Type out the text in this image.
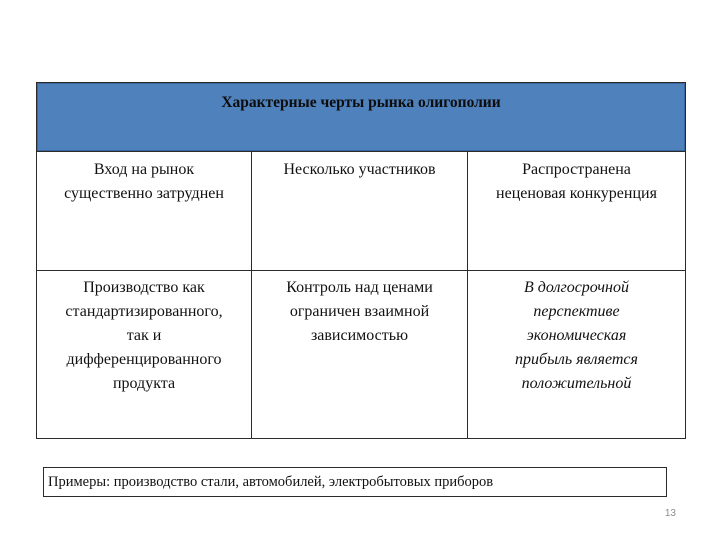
Характерные черты рынка олигополии
Вход на рынок
существенно затруднен
Несколько участников	Распространена
неценовая конкуренция
Производство как
стандартизированного,
так и
дифференцированного
продукта
Контроль над ценами
ограничен взаимной
зависимостью
В долгосрочной
перспективе
экономическая
прибыль является
положительной
Примеры: производство стали, автомобилей, электробытовых приборов
13
